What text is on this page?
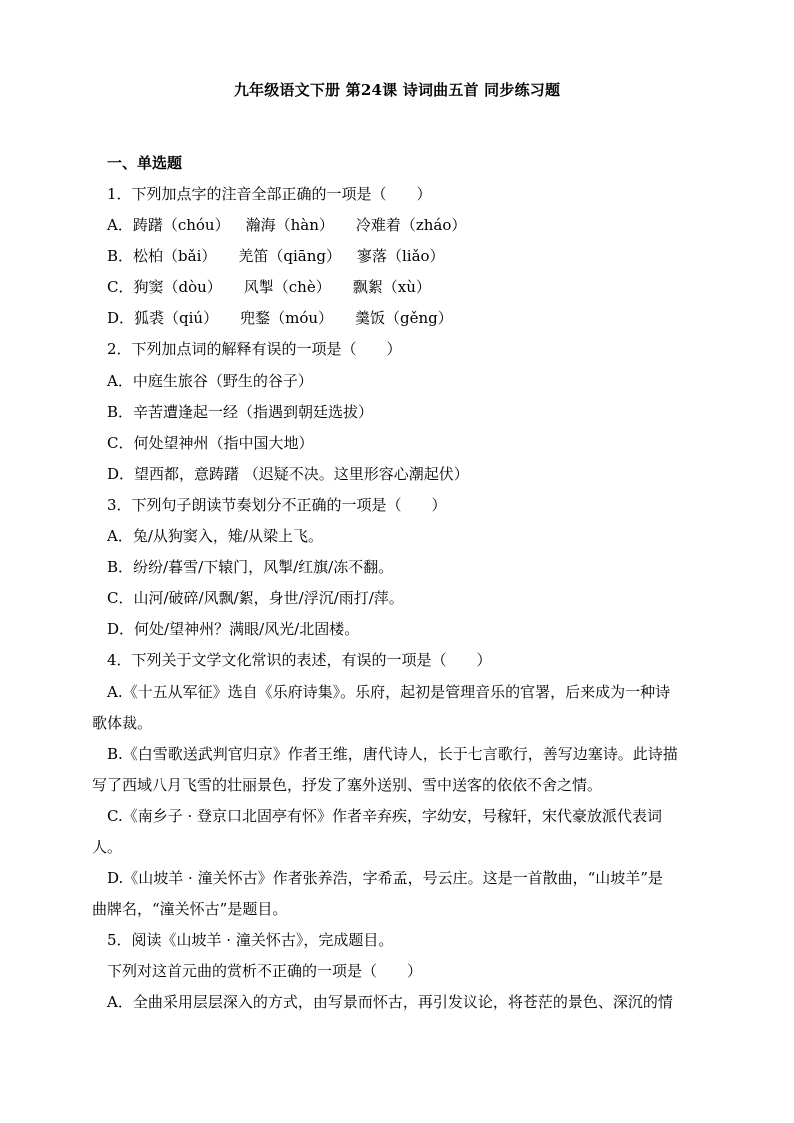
九年级语文下册 第24课 诗词曲五首 同步练习题
一、单选题
1．下列加点字的注音全部正确的一项是（　　）
A．踌躇（chóu） 瀚海（hàn） 冷难着（zháo）
B．松柏（bǎi） 羌笛（qiāng） 寥落（liǎo）
C．狗窦（dòu） 风掣（chè） 飘絮（xù）
D．狐裘（qiú） 兜鍪（móu） 羹饭（gěng）
2．下列加点词的解释有误的一项是（　　）
A．中庭生旅谷（野生的谷子）
B．辛苦遭逢起一经（指遇到朝廷选拔）
C．何处望神州（指中国大地）
D．望西都，意踌躇 （迟疑不决。这里形容心潮起伏）
3．下列句子朗读节奏划分不正确的一项是（　　）
A．兔/从狗窦入，雉/从梁上飞。
B．纷纷/暮雪/下辕门，风掣/红旗/冻不翻。
C．山河/破碎/风飘/絮，身世/浮沉/雨打/萍。
D．何处/望神州？满眼/风光/北固楼。
4．下列关于文学文化常识的表述，有误的一项是（　　）
A.《十五从军征》选自《乐府诗集》。乐府，起初是管理音乐的官署，后来成为一种诗
歌体裁。
B.《白雪歌送武判官归京》作者王维，唐代诗人，长于七言歌行，善写边塞诗。此诗描
写了西域八月飞雪的壮丽景色，抒发了塞外送别、雪中送客的依依不舍之情。
C.《南乡子 · 登京口北固亭有怀》作者辛弃疾，字幼安，号稼轩，宋代豪放派代表词
人。
D.《山坡羊 · 潼关怀古》作者张养浩，字希孟，号云庄。这是一首散曲，“山坡羊”是
曲牌名，“潼关怀古”是题目。
5．阅读《山坡羊 · 潼关怀古》，完成题目。
下列对这首元曲的赏析不正确的一项是（　　）
A．全曲采用层层深入的方式，由写景而怀古，再引发议论，将苍茫的景色、深沉的情
